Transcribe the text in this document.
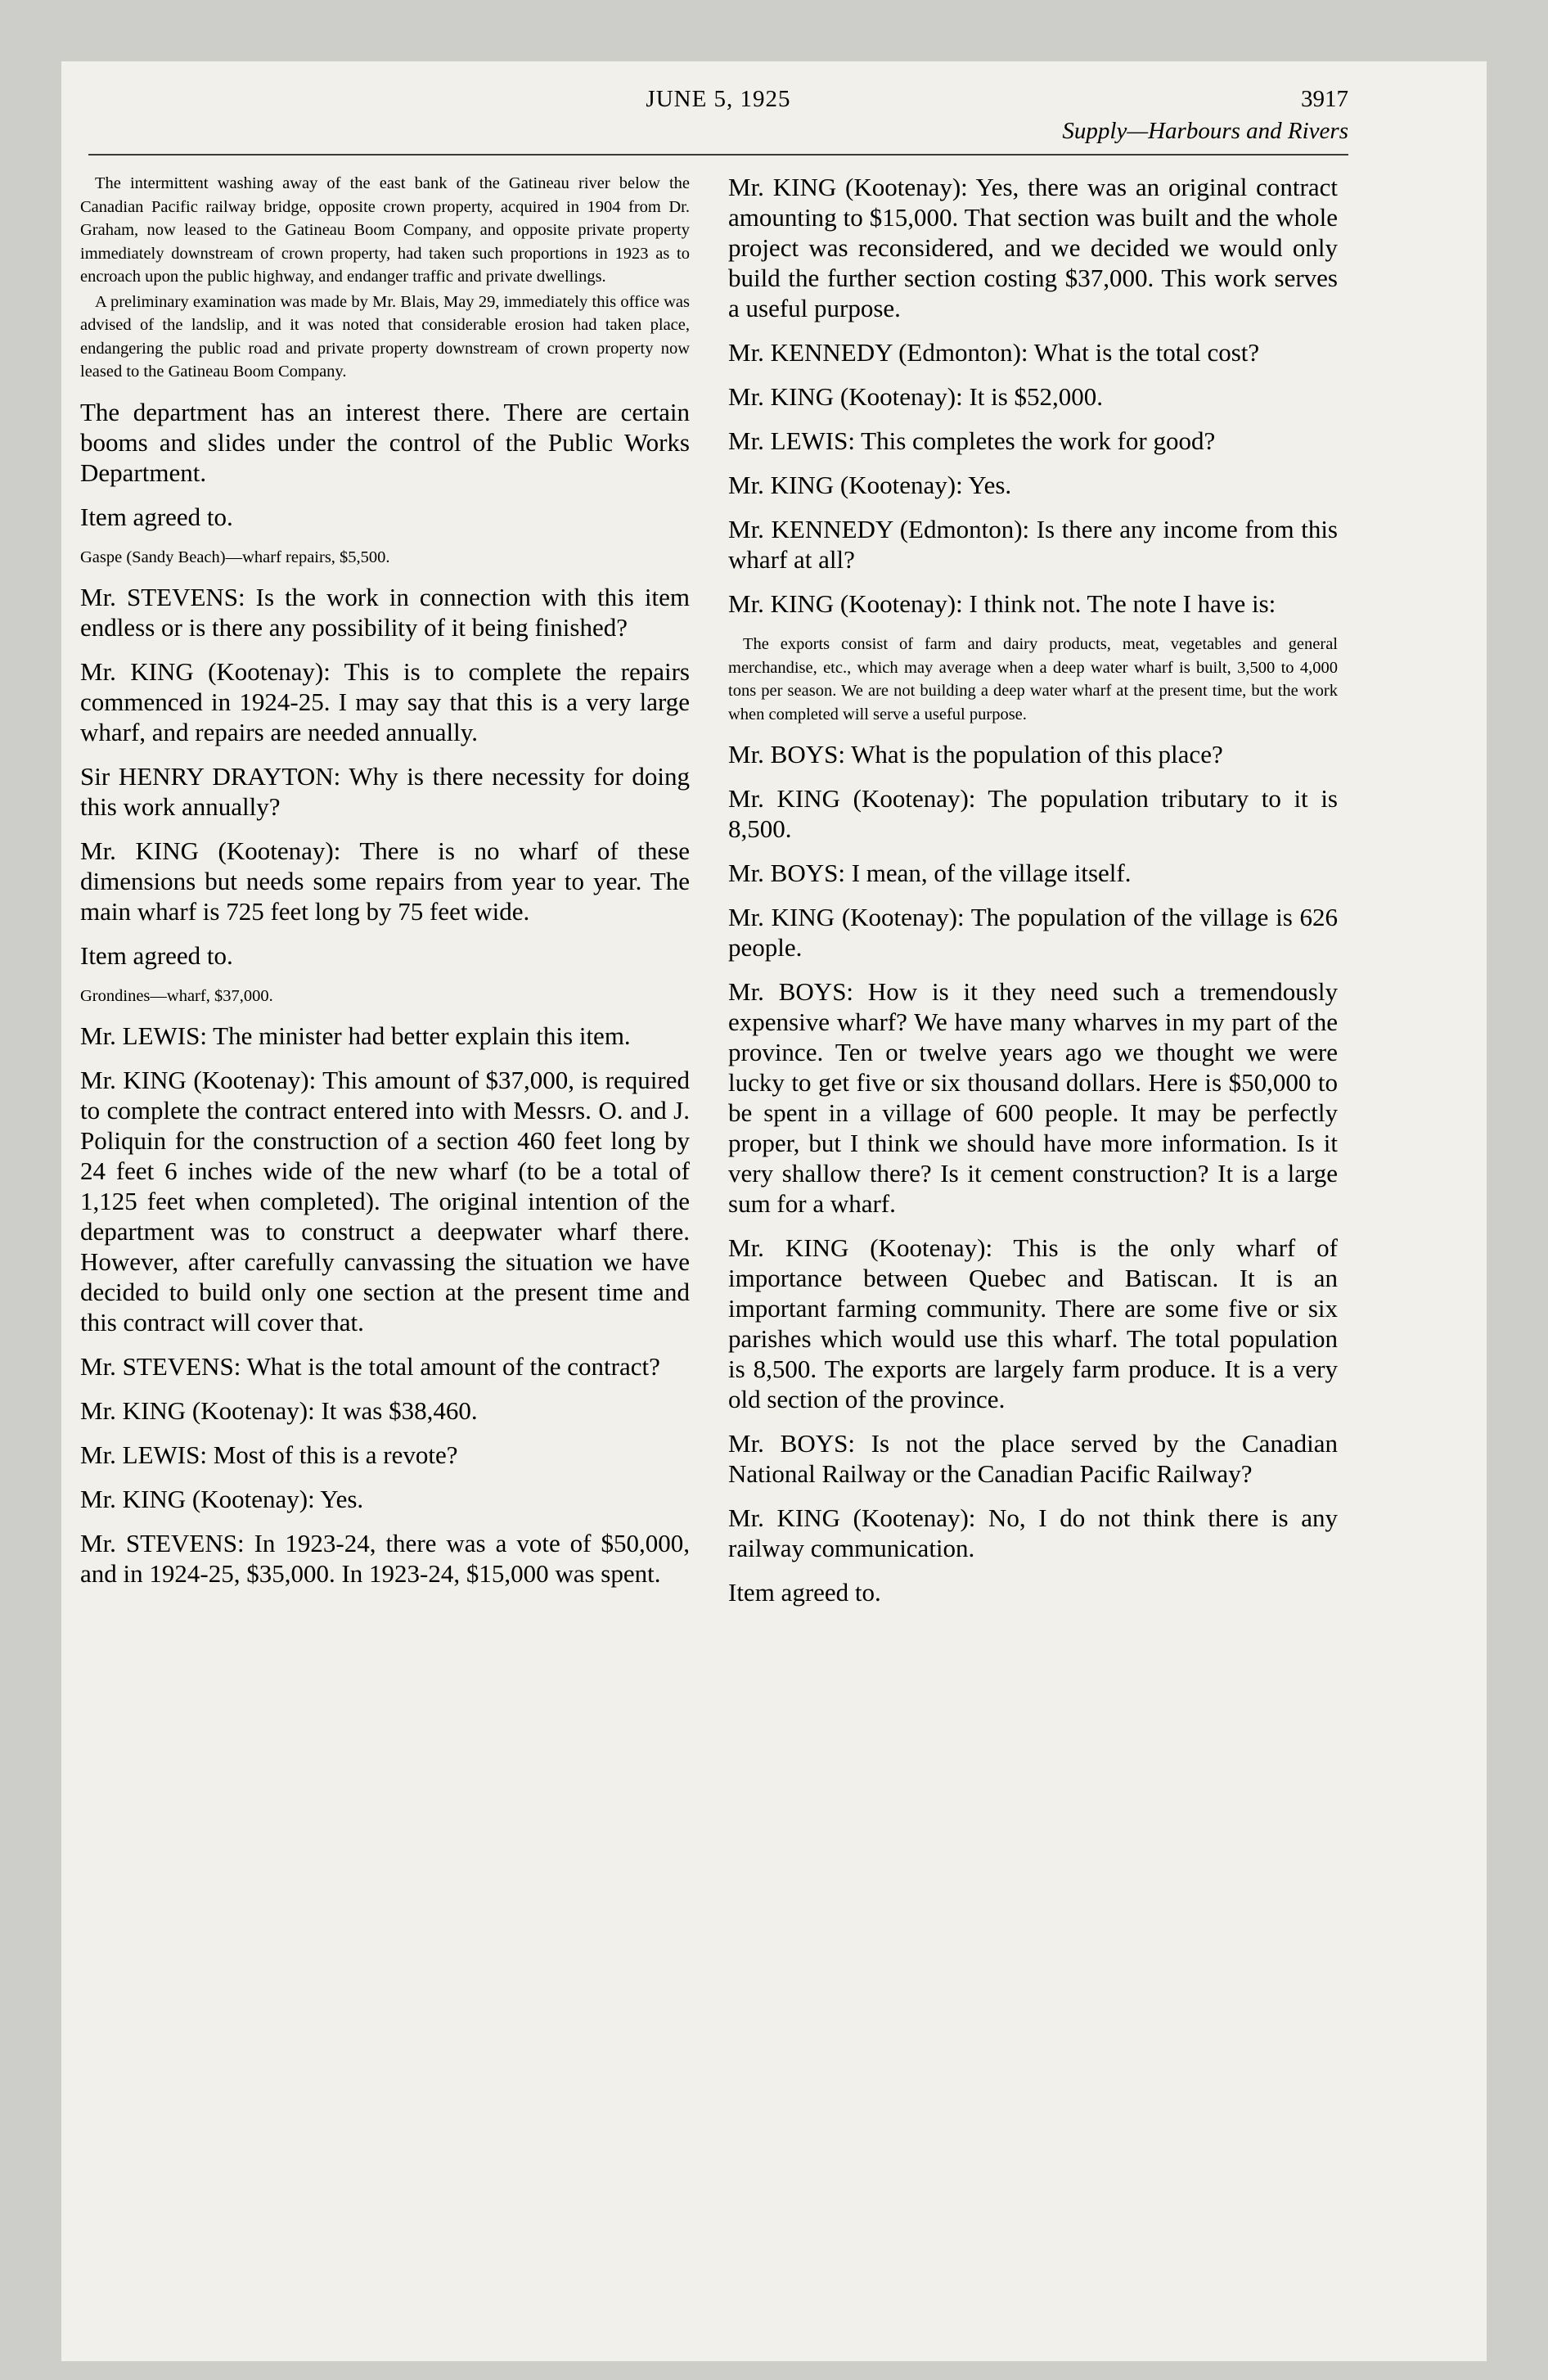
JUNE 5, 1925	3917
Supply—Harbours and Rivers

The intermittent washing away of the east bank of the Gatineau river below the Canadian Pacific railway bridge, opposite crown property, acquired in 1904 from Dr. Graham, now leased to the Gatineau Boom Company, and opposite private property immediately downstream of crown property, had taken such proportions in 1923 as to encroach upon the public highway, and endanger traffic and private dwellings.

A preliminary examination was made by Mr. Blais, May 29, immediately this office was advised of the landslip, and it was noted that considerable erosion had taken place, endangering the public road and private property downstream of crown property now leased to the Gatineau Boom Company.

The department has an interest there. There are certain booms and slides under the control of the Public Works Department.

Item agreed to.

Gaspe (Sandy Beach)—wharf repairs, $5,500.

Mr. STEVENS: Is the work in connection with this item endless or is there any possibility of it being finished?

Mr. KING (Kootenay): This is to complete the repairs commenced in 1924-25. I may say that this is a very large wharf, and repairs are needed annually.

Sir HENRY DRAYTON: Why is there necessity for doing this work annually?

Mr. KING (Kootenay): There is no wharf of these dimensions but needs some repairs from year to year. The main wharf is 725 feet long by 75 feet wide.

Item agreed to.

Grondines—wharf, $37,000.

Mr. LEWIS: The minister had better explain this item.

Mr. KING (Kootenay): This amount of $37,000, is required to complete the contract entered into with Messrs. O. and J. Poliquin for the construction of a section 460 feet long by 24 feet 6 inches wide of the new wharf (to be a total of 1,125 feet when completed). The original intention of the department was to construct a deepwater wharf there. However, after carefully canvassing the situation we have decided to build only one section at the present time and this contract will cover that.

Mr. STEVENS: What is the total amount of the contract?

Mr. KING (Kootenay): It was $38,460.

Mr. LEWIS: Most of this is a revote?

Mr. KING (Kootenay): Yes.

Mr. STEVENS: In 1923-24, there was a vote of $50,000, and in 1924-25, $35,000. In 1923-24, $15,000 was spent.

Mr. KING (Kootenay): Yes, there was an original contract amounting to $15,000. That section was built and the whole project was reconsidered, and we decided we would only build the further section costing $37,000. This work serves a useful purpose.

Mr. KENNEDY (Edmonton): What is the total cost?

Mr. KING (Kootenay): It is $52,000.

Mr. LEWIS: This completes the work for good?

Mr. KING (Kootenay): Yes.

Mr. KENNEDY (Edmonton): Is there any income from this wharf at all?

Mr. KING (Kootenay): I think not. The note I have is:

The exports consist of farm and dairy products, meat, vegetables and general merchandise, etc., which may average when a deep water wharf is built, 3,500 to 4,000 tons per season. We are not building a deep water wharf at the present time, but the work when completed will serve a useful purpose.

Mr. BOYS: What is the population of this place?

Mr. KING (Kootenay): The population tributary to it is 8,500.

Mr. BOYS: I mean, of the village itself.

Mr. KING (Kootenay): The population of the village is 626 people.

Mr. BOYS: How is it they need such a tremendously expensive wharf? We have many wharves in my part of the province. Ten or twelve years ago we thought we were lucky to get five or six thousand dollars. Here is $50,000 to be spent in a village of 600 people. It may be perfectly proper, but I think we should have more information. Is it very shallow there? Is it cement construction? It is a large sum for a wharf.

Mr. KING (Kootenay): This is the only wharf of importance between Quebec and Batiscan. It is an important farming community. There are some five or six parishes which would use this wharf. The total population is 8,500. The exports are largely farm produce. It is a very old section of the province.

Mr. BOYS: Is not the place served by the Canadian National Railway or the Canadian Pacific Railway?

Mr. KING (Kootenay): No, I do not think there is any railway communication.

Item agreed to.
